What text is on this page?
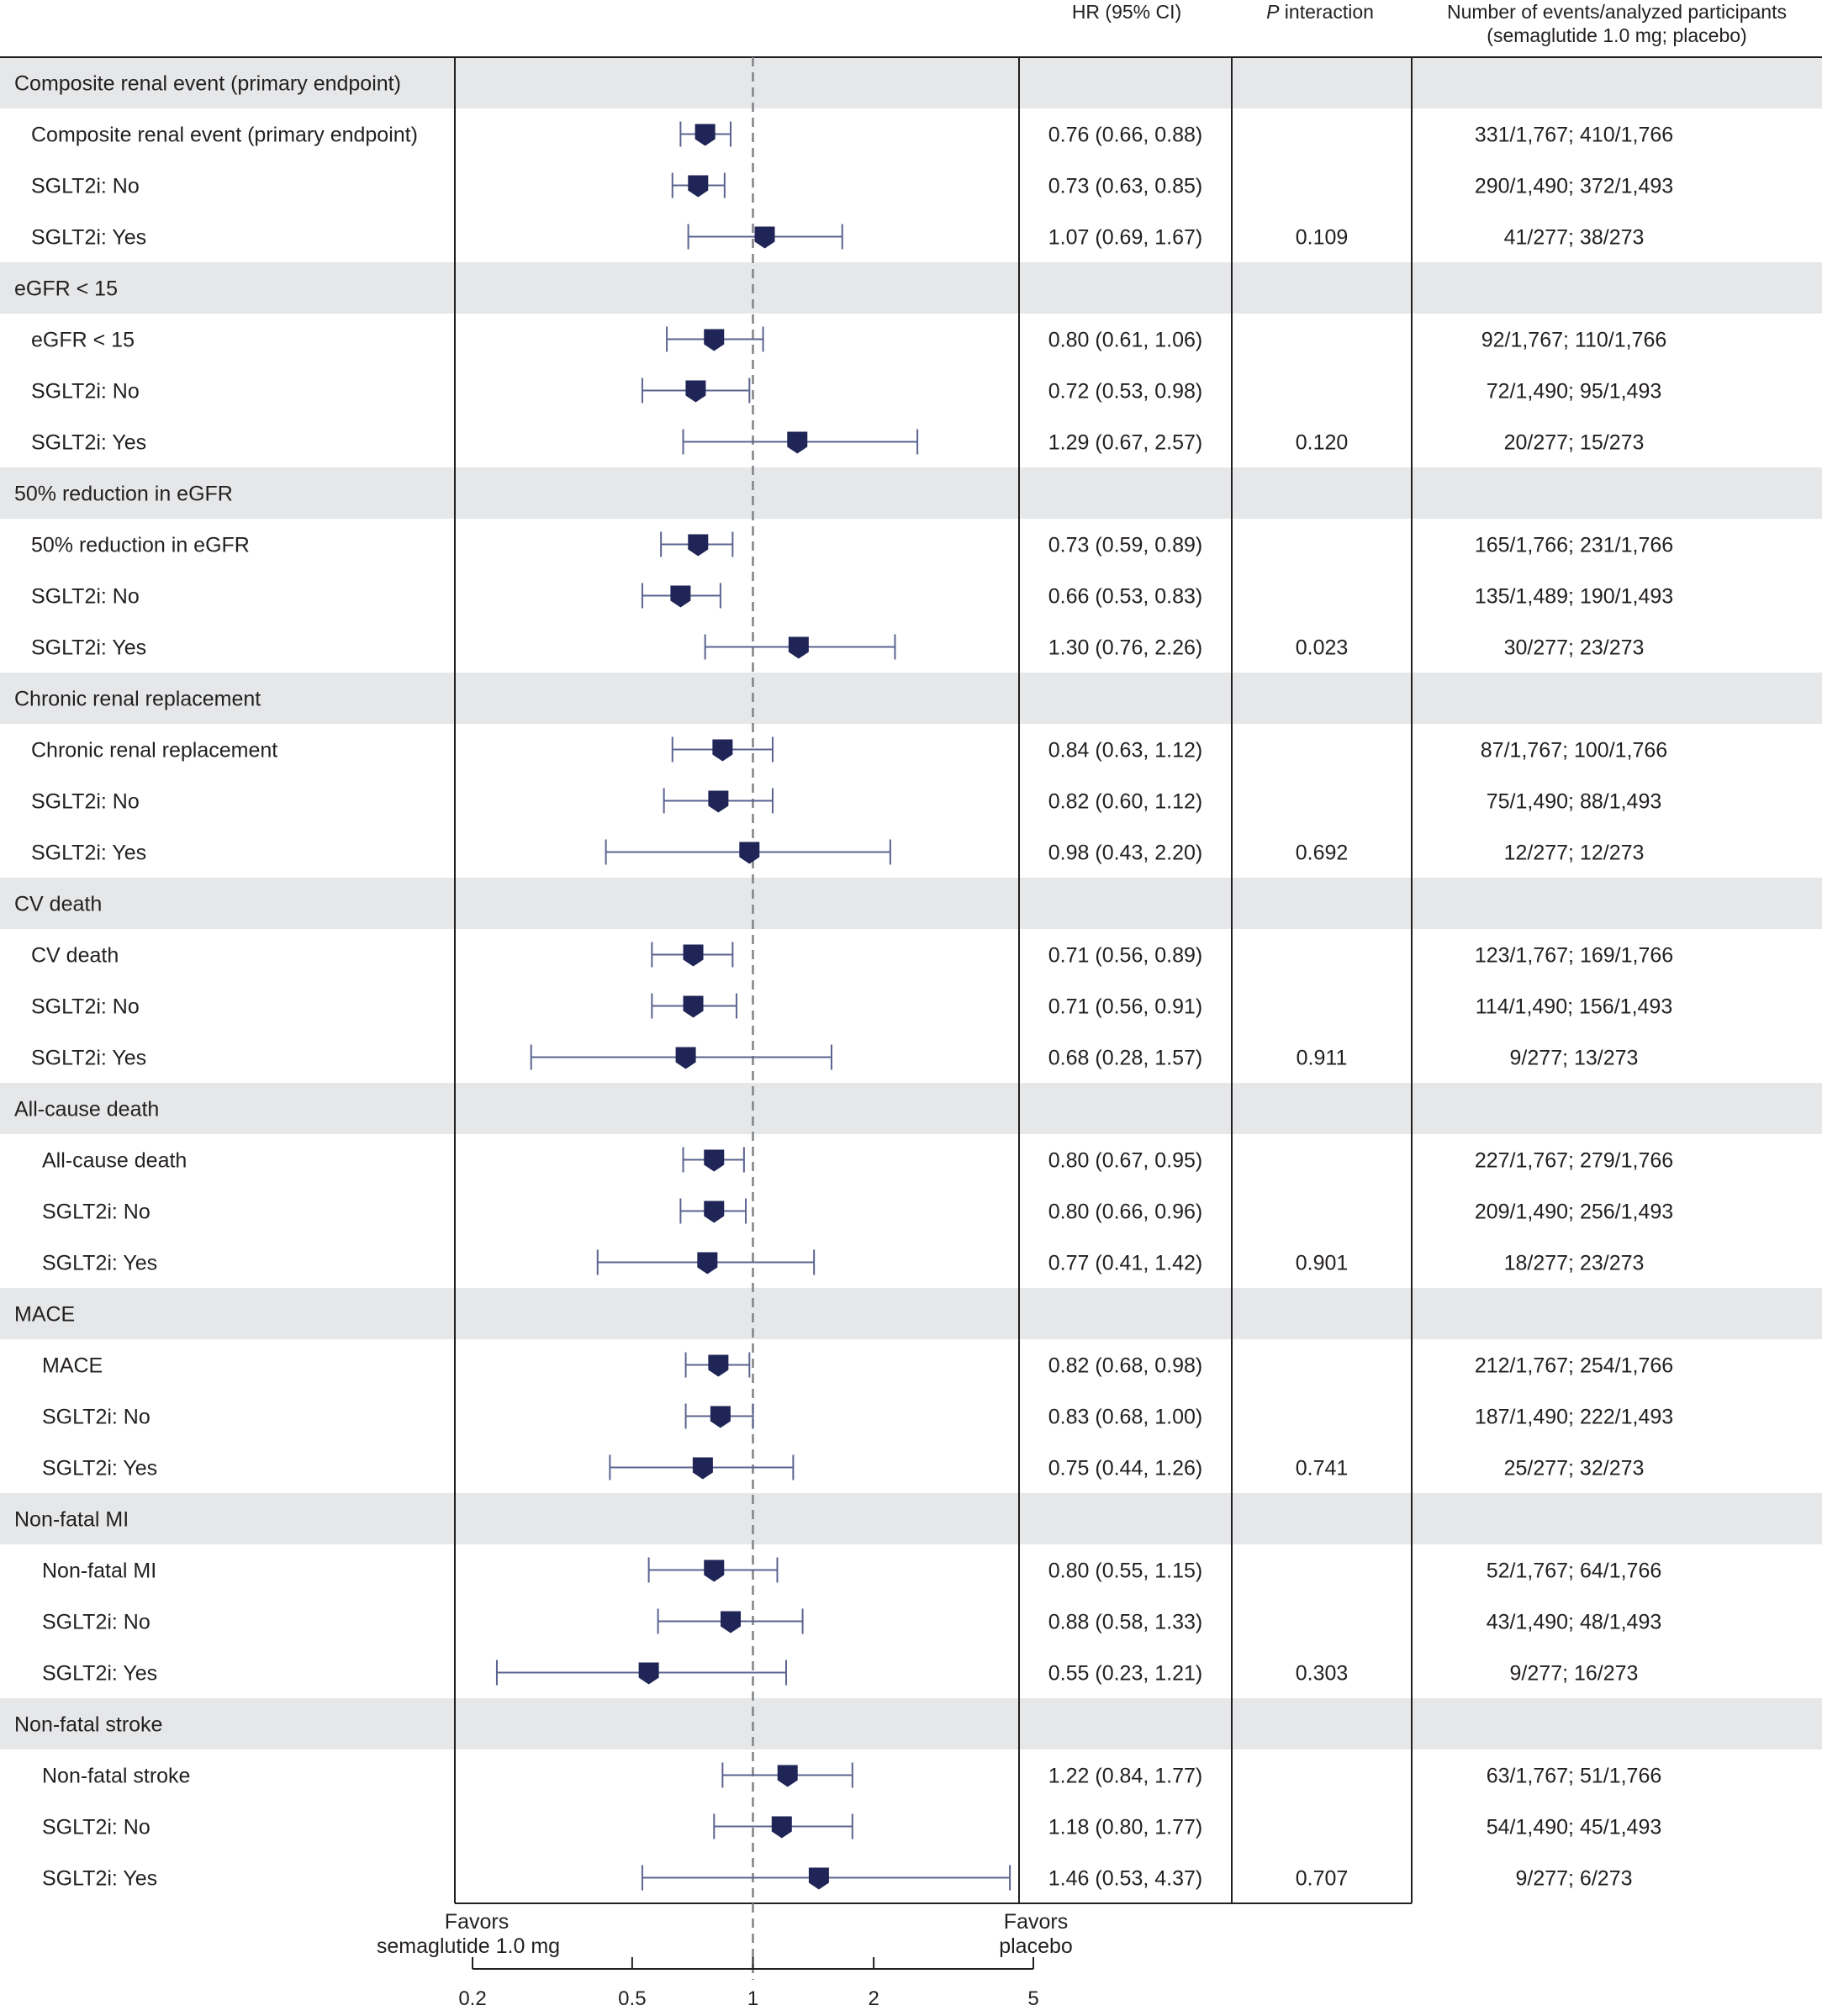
HR (95% CI)	P interaction	Number of events/analyzed participants
(semaglutide 1.0 mg; placebo)
Composite renal event (primary endpoint)
Composite renal event (primary endpoint)	0.76 (0.66, 0.88)	331/1,767; 410/1,766
SGLT2i: No	0.73 (0.63, 0.85)	290/1,490; 372/1,493
SGLT2i: Yes	1.07 (0.69, 1.67)	0.109	41/277; 38/273
eGFR < 15
eGFR < 15	0.80 (0.61, 1.06)	92/1,767; 110/1,766
SGLT2i: No	0.72 (0.53, 0.98)	72/1,490; 95/1,493
SGLT2i: Yes	1.29 (0.67, 2.57)	0.120	20/277; 15/273
50% reduction in eGFR
50% reduction in eGFR	0.73 (0.59, 0.89)	165/1,766; 231/1,766
SGLT2i: No	0.66 (0.53, 0.83)	135/1,489; 190/1,493
SGLT2i: Yes	1.30 (0.76, 2.26)	0.023	30/277; 23/273
Chronic renal replacement
Chronic renal replacement	0.84 (0.63, 1.12)	87/1,767; 100/1,766
SGLT2i: No	0.82 (0.60, 1.12)	75/1,490; 88/1,493
SGLT2i: Yes	0.98 (0.43, 2.20)	0.692	12/277; 12/273
CV death
CV death	0.71 (0.56, 0.89)	123/1,767; 169/1,766
SGLT2i: No	0.71 (0.56, 0.91)	114/1,490; 156/1,493
SGLT2i: Yes	0.68 (0.28, 1.57)	0.911	9/277; 13/273
All-cause death
All-cause death	0.80 (0.67, 0.95)	227/1,767; 279/1,766
SGLT2i: No	0.80 (0.66, 0.96)	209/1,490; 256/1,493
SGLT2i: Yes	0.77 (0.41, 1.42)	0.901	18/277; 23/273
MACE
MACE	0.82 (0.68, 0.98)	212/1,767; 254/1,766
SGLT2i: No	0.83 (0.68, 1.00)	187/1,490; 222/1,493
SGLT2i: Yes	0.75 (0.44, 1.26)	0.741	25/277; 32/273
Non-fatal MI
Non-fatal MI	0.80 (0.55, 1.15)	52/1,767; 64/1,766
SGLT2i: No	0.88 (0.58, 1.33)	43/1,490; 48/1,493
SGLT2i: Yes	0.55 (0.23, 1.21)	0.303	9/277; 16/273
Non-fatal stroke
Non-fatal stroke	1.22 (0.84, 1.77)	63/1,767; 51/1,766
SGLT2i: No	1.18 (0.80, 1.77)	54/1,490; 45/1,493
SGLT2i: Yes	1.46 (0.53, 4.37)	0.707	9/277; 6/273
0.2	0.5	1	2	5
Favors
semaglutide 1.0 mg
Favors
placebo
